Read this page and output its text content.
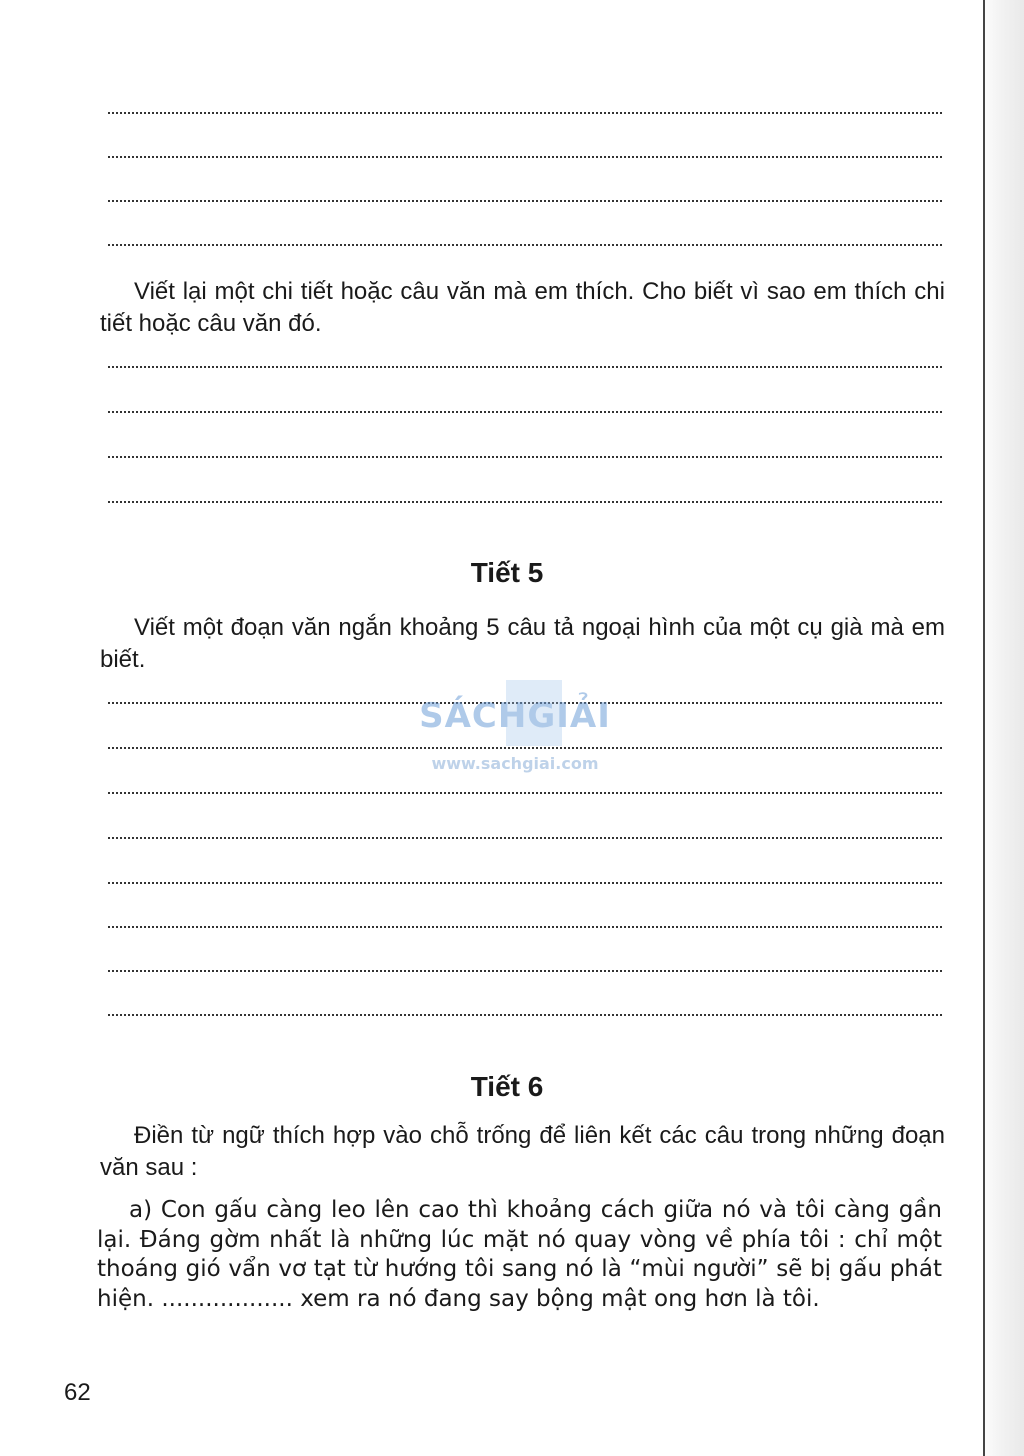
Viết lại một chi tiết hoặc câu văn mà em thích. Cho biết vì sao em thích chi tiết hoặc câu văn đó.

Tiết 5

Viết một đoạn văn ngắn khoảng 5 câu tả ngoại hình của một cụ già mà em biết.

Tiết 6

Điền từ ngữ thích hợp vào chỗ trống để liên kết các câu trong những đoạn văn sau :

a) Con gấu càng leo lên cao thì khoảng cách giữa nó và tôi càng gần lại. Đáng gờm nhất là những lúc mặt nó quay vòng về phía tôi : chỉ một thoáng gió vẩn vơ tạt từ hướng tôi sang nó là “mùi người” sẽ bị gấu phát hiện. .................. xem ra nó đang say bộng mật ong hơn là tôi.

SÁCHGIẢI
www.sachgiai.com
62
